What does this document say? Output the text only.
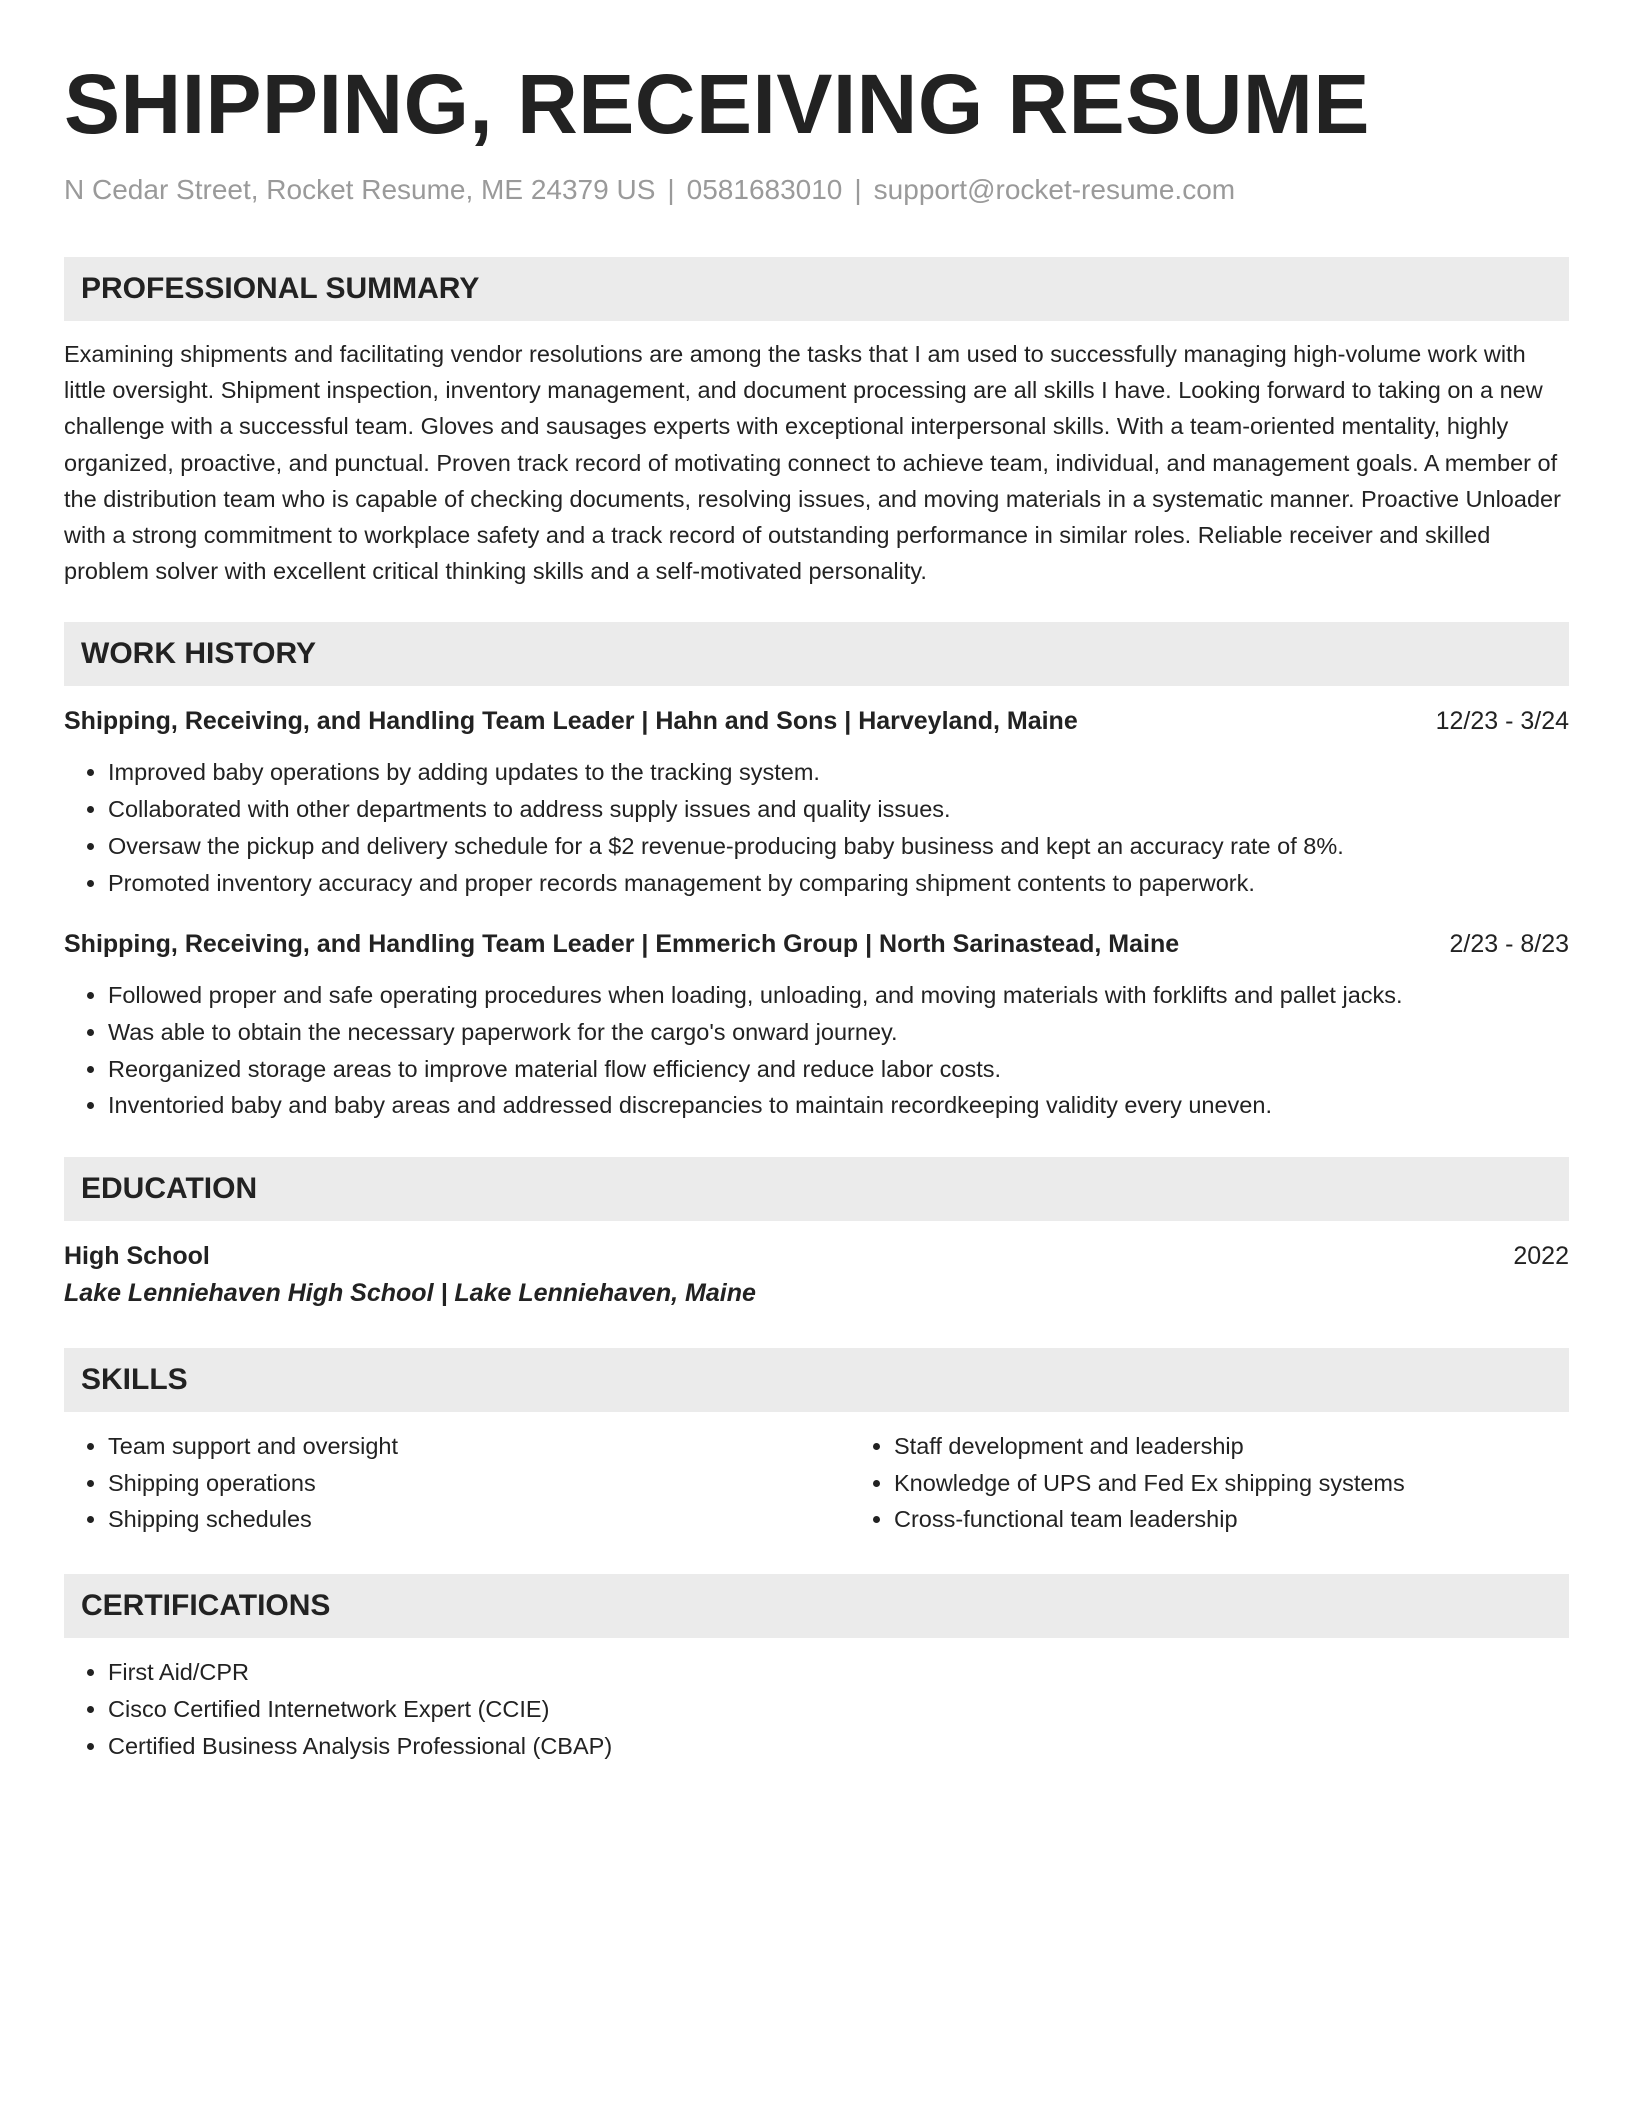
SHIPPING, RECEIVING RESUME
N Cedar Street, Rocket Resume, ME 24379 US | 0581683010 | support@rocket-resume.com
PROFESSIONAL SUMMARY
Examining shipments and facilitating vendor resolutions are among the tasks that I am used to successfully managing high-volume work with little oversight. Shipment inspection, inventory management, and document processing are all skills I have. Looking forward to taking on a new challenge with a successful team. Gloves and sausages experts with exceptional interpersonal skills. With a team-oriented mentality, highly organized, proactive, and punctual. Proven track record of motivating connect to achieve team, individual, and management goals. A member of the distribution team who is capable of checking documents, resolving issues, and moving materials in a systematic manner. Proactive Unloader with a strong commitment to workplace safety and a track record of outstanding performance in similar roles. Reliable receiver and skilled problem solver with excellent critical thinking skills and a self-motivated personality.
WORK HISTORY
Shipping, Receiving, and Handling Team Leader | Hahn and Sons | Harveyland, Maine	12/23 - 3/24
• Improved baby operations by adding updates to the tracking system.
• Collaborated with other departments to address supply issues and quality issues.
• Oversaw the pickup and delivery schedule for a $2 revenue-producing baby business and kept an accuracy rate of 8%.
• Promoted inventory accuracy and proper records management by comparing shipment contents to paperwork.
Shipping, Receiving, and Handling Team Leader | Emmerich Group | North Sarinastead, Maine	2/23 - 8/23
• Followed proper and safe operating procedures when loading, unloading, and moving materials with forklifts and pallet jacks.
• Was able to obtain the necessary paperwork for the cargo's onward journey.
• Reorganized storage areas to improve material flow efficiency and reduce labor costs.
• Inventoried baby and baby areas and addressed discrepancies to maintain recordkeeping validity every uneven.
EDUCATION
High School	2022
Lake Lenniehaven High School | Lake Lenniehaven, Maine
SKILLS
• Team support and oversight
• Shipping operations
• Shipping schedules
• Staff development and leadership
• Knowledge of UPS and Fed Ex shipping systems
• Cross-functional team leadership
CERTIFICATIONS
• First Aid/CPR
• Cisco Certified Internetwork Expert (CCIE)
• Certified Business Analysis Professional (CBAP)
